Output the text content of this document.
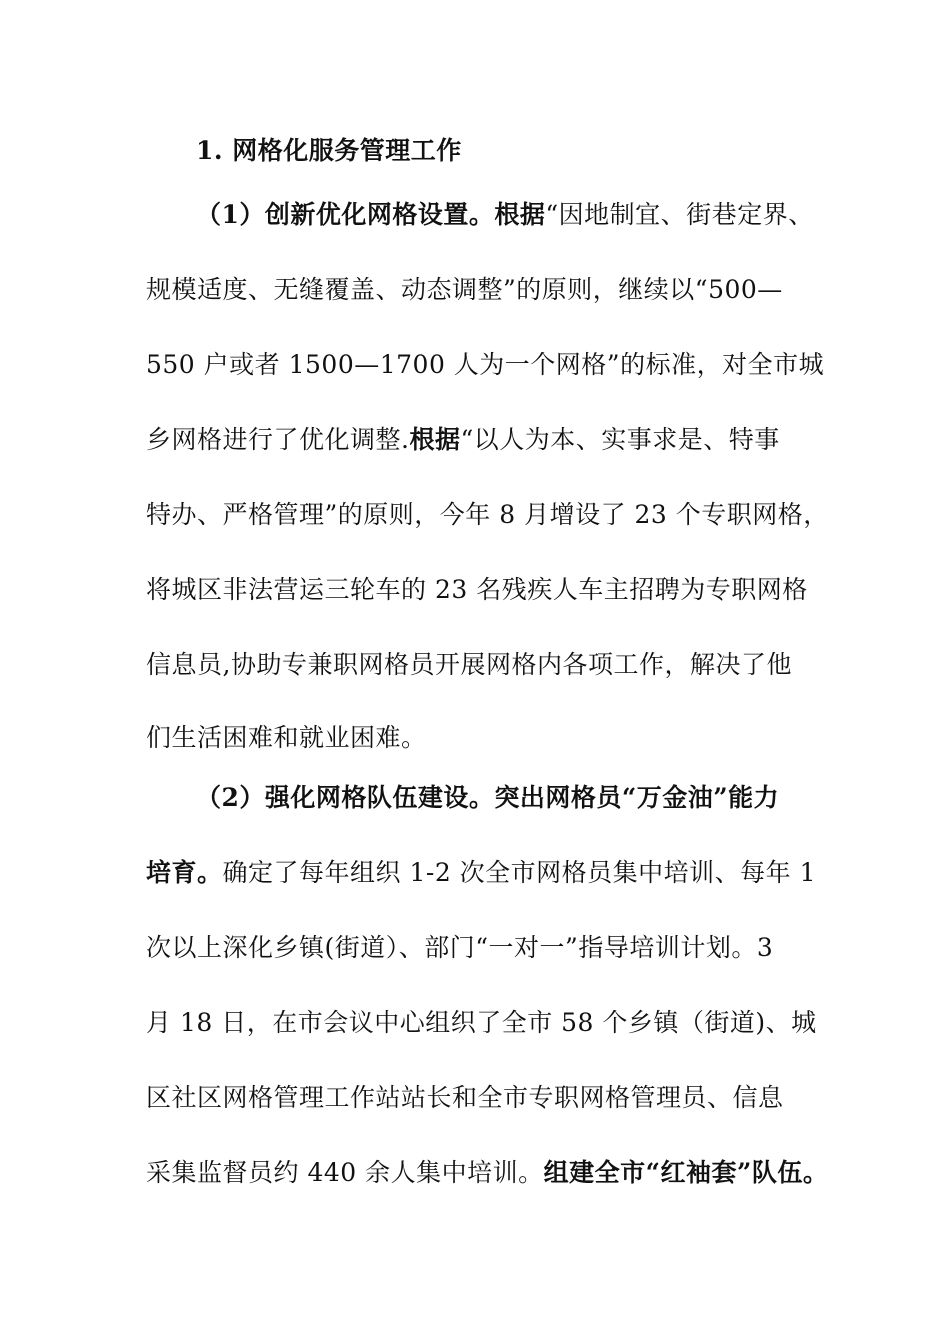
1. 网格化服务管理工作
（1）创新优化网格设置。根据“因地制宜、街巷定界、
规模适度、无缝覆盖、动态调整”的原则，继续以“500—
550 户或者 1500—1700 人为一个网格”的标准，对全市城
乡网格进行了优化调整.根据“以人为本、实事求是、特事
特办、严格管理”的原则，今年 8 月增设了 23 个专职网格，
将城区非法营运三轮车的 23 名残疾人车主招聘为专职网格
信息员,协助专兼职网格员开展网格内各项工作，解决了他
们生活困难和就业困难。
（2）强化网格队伍建设。突出网格员“万金油”能力
培育。确定了每年组织 1-2 次全市网格员集中培训、每年 1
次以上深化乡镇(街道）、部门“一对一”指导培训计划。3
月 18 日，在市会议中心组织了全市 58 个乡镇（街道)、城
区社区网格管理工作站站长和全市专职网格管理员、信息
采集监督员约 440 余人集中培训。组建全市“红袖套”队伍。
